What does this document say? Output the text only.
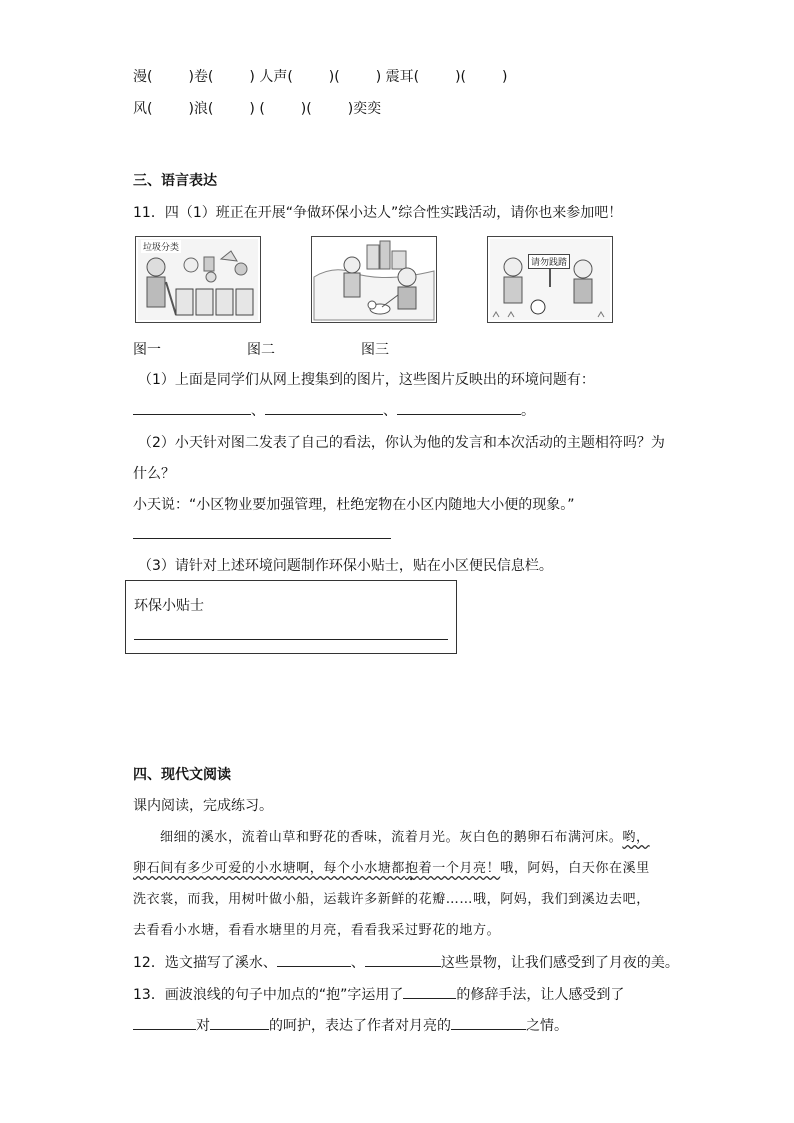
漫(	)卷(	) 人声(	)(	) 震耳(	)(	)
风(	)浪(	) (	)(	)奕奕
三、语言表达
11．四（1）班正在开展“争做环保小达人”综合性实践活动，请你也来参加吧！
垃圾分类
请勿践踏
图一	图二	图三
（1）上面是同学们从网上搜集到的图片，这些图片反映出的环境问题有：
、	、	。
（2）小天针对图二发表了自己的看法，你认为他的发言和本次活动的主题相符吗？为
什么？
小天说：“小区物业要加强管理，杜绝宠物在小区内随地大小便的现象。”
（3）请针对上述环境问题制作环保小贴士，贴在小区便民信息栏。
环保小贴士
四、现代文阅读
课内阅读，完成练习。
细细的溪水，流着山草和野花的香味，流着月光。灰白色的鹅卵石布满河床。哟，
卵石间有多少可爱的小水塘啊，每个小水塘都抱着一个月亮！哦，阿妈，白天你在溪里
洗衣裳，而我，用树叶做小船，运载许多新鲜的花瓣……哦，阿妈，我们到溪边去吧，
去看看小水塘，看看水塘里的月亮，看看我采过野花的地方。
12．选文描写了溪水、	、	这些景物，让我们感受到了月夜的美。
13．画波浪线的句子中加点的“抱”字运用了	的修辞手法，让人感受到了
对	的呵护，表达了作者对月亮的	之情。
